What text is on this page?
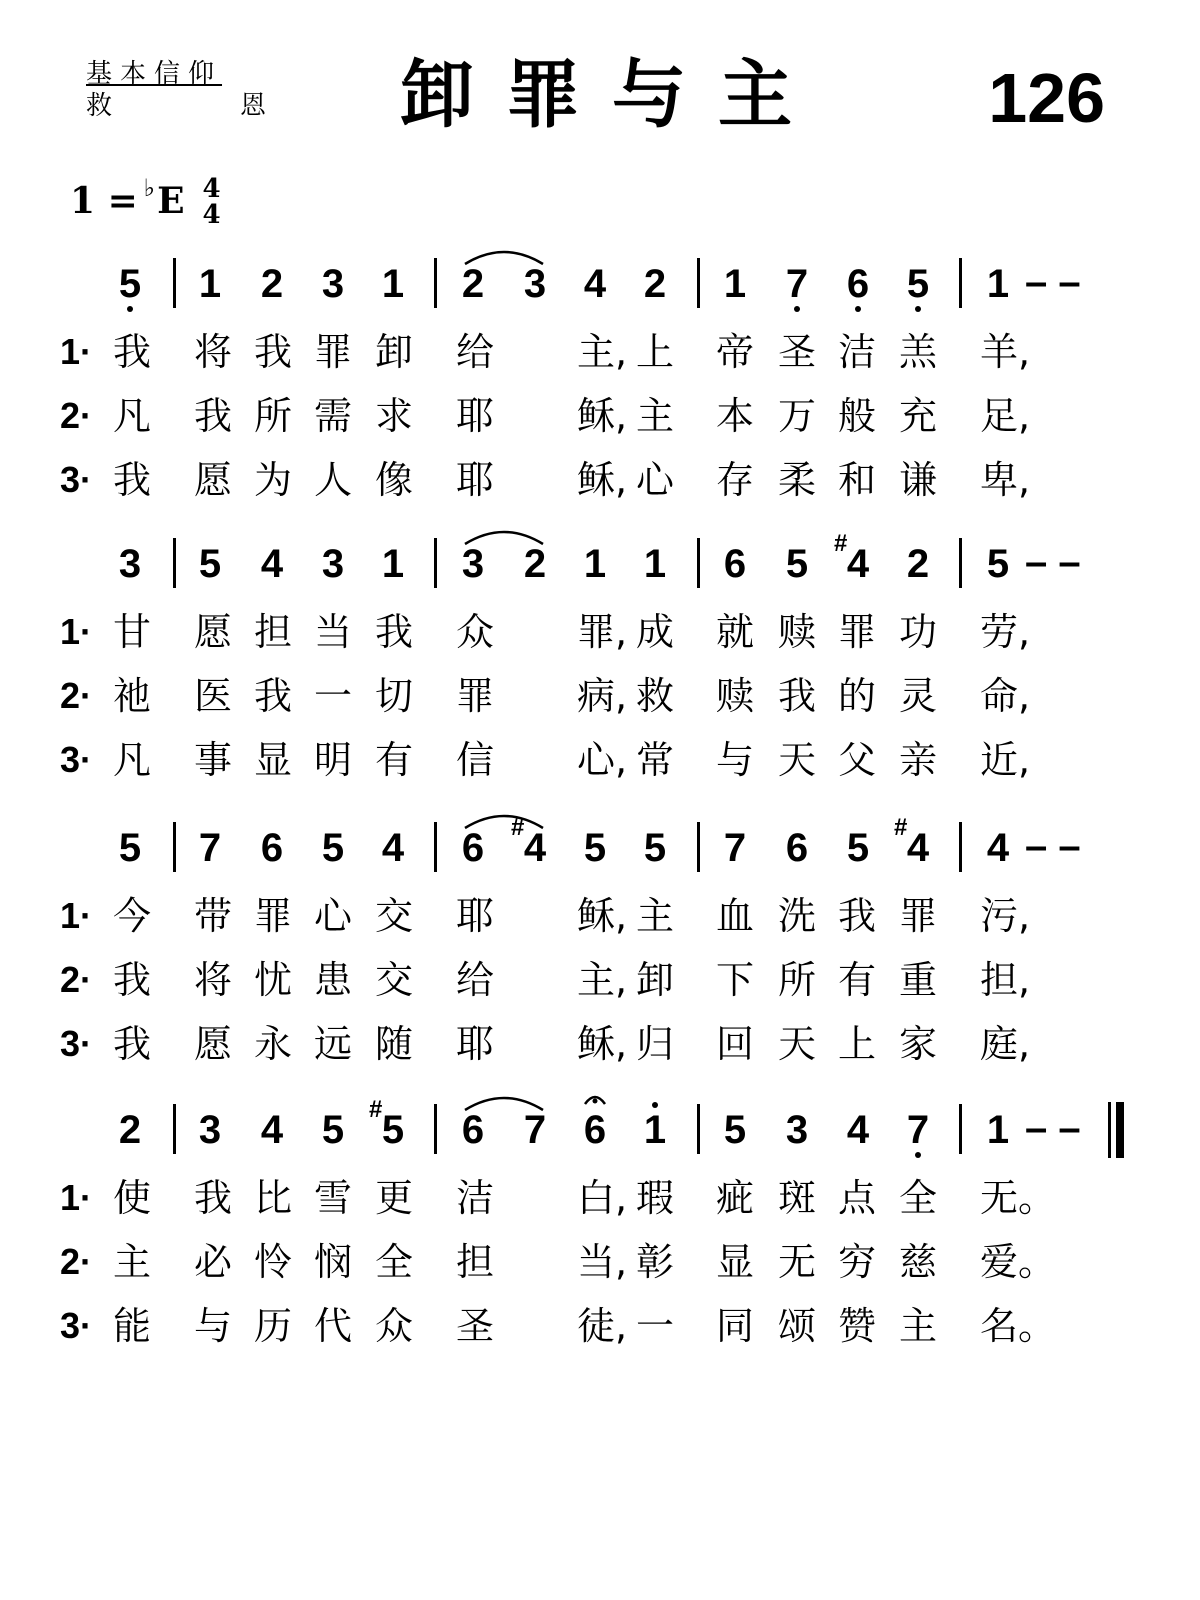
基本信仰
救	恩 卸罪与主 126
1 = ♭ E 4
4
5 1 2 3 1 2 3 4 2 1 7 6 5 1 – –
1· 我 将 我 罪 卸 给 主, 上 帝 圣 洁 羔 羊,
2· 凡 我 所 需 求 耶 稣, 主 本 万 般 充 足,
3· 我 愿 为 人 像 耶 稣, 心 存 柔 和 谦 卑,
3 5 4 3 1 3 2 1 1 6 5 4
# 2 5 – –
1· 甘 愿 担 当 我 众 罪, 成 就 赎 罪 功 劳,
2· 祂 医 我 一 切 罪 病, 救 赎 我 的 灵 命,
3· 凡 事 显 明 有 信 心, 常 与 天 父 亲 近,
5 7 6 5 4 6 4
# 5 5 7 6 5 4
# 4 – –
1· 今 带 罪 心 交 耶 稣, 主 血 洗 我 罪 污,
2· 我 将 忧 患 交 给 主, 卸 下 所 有 重 担,
3· 我 愿 永 远 随 耶 稣, 归 回 天 上 家 庭,
2 3 4 5 5
# 6 7 6 1 5 3 4 7 1 – –
1· 使 我 比 雪 更 洁 白, 瑕 疵 斑 点 全 无。
2· 主 必 怜 悯 全 担 当, 彰 显 无 穷 慈 爱。
3· 能 与 历 代 众 圣 徒, 一 同 颂 赞 主 名。
